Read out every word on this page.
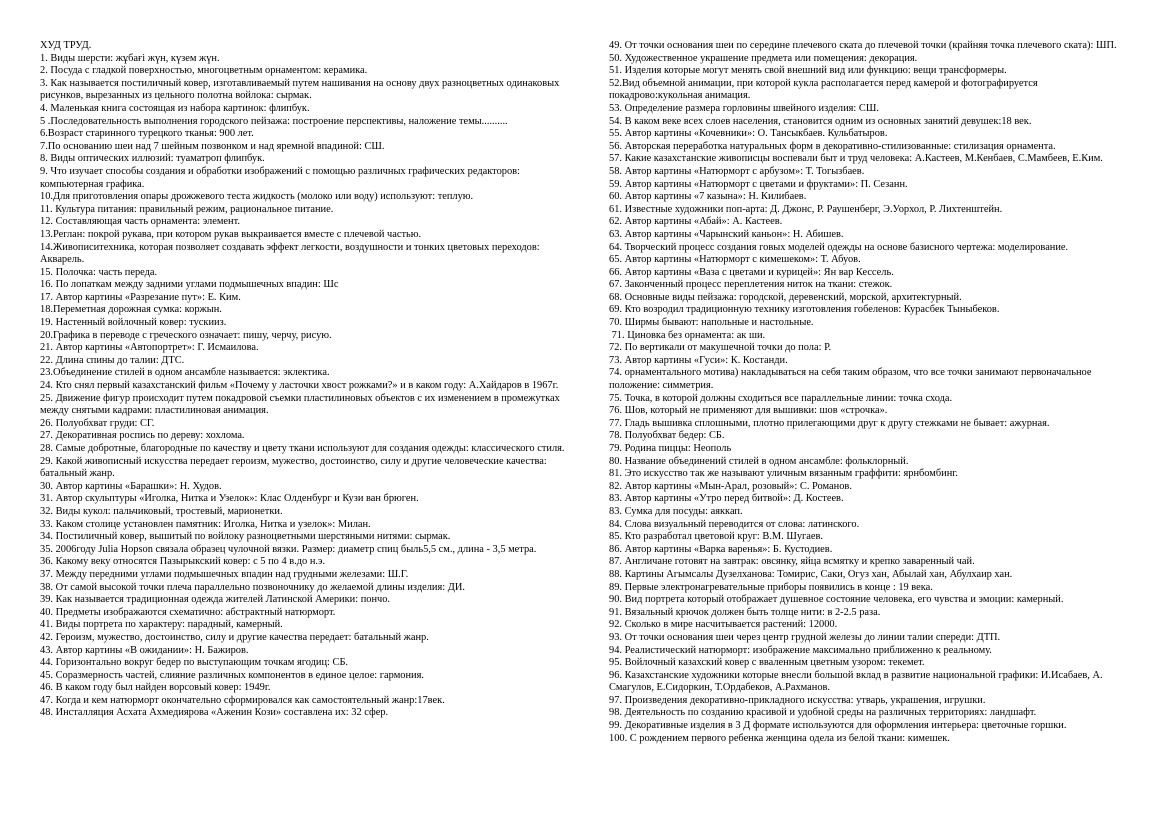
ХУД ТРУД.
1. Виды шерсти: жұбағі жүн, күзем жүн.
2. Посуда с гладкой поверхностью, многоцветным орнаментом: керамика.
3. Как называется постиличный ковер, изготавливаемый путем нашивания на основу двух разноцветных одинаковых рисунков, вырезанных из цельного полотна войлока: сырмак.
4. Маленькая книга состоящая из набора картинок: флипбук.
5 .Последовательность выполнения городского пейзажа: построение перспективы, наложение темы..........
6.Возраст старинного турецкого тканья: 900 лет.
7.По основанию шеи над 7 шейным позвонком и над яремной впадиной: СШ.
8. Виды оптических иллюзий: туаматроп флипбук.
9. Что изучает способы создания и обработки изображений с помощью различных графических редакторов: компьютерная графика.
10.Для приготовления опары дрожжевого теста жидкость (молоко или воду) используют: теплую.
11. Культура питания: правильный режим, рациональное питание.
12. Составляющая часть орнамента: элемент.
13.Реглан: покрой рукава, при котором рукав выкраивается вместе с плечевой частью.
14.Живописитехника, которая позволяет создавать эффект легкости, воздушности и тонких цветовых переходов: Акварель.
15. Полочка: часть переда.
16. По лопаткам между задними углами подмышечных впадин: Шс
17. Автор картины «Разрезание пут»: Е. Ким.
18.Переметная дорожная сумка: коржын.
19. Настенный войлочный ковер: тускииз.
20.Графика в переводе с греческого означает: пишу, черчу, рисую.
21. Автор картины «Автопортрет»: Г. Исмаилова.
22. Длина спины до талии: ДТС.
23.Объединение стилей в одном ансамбле называется: эклектика.
24. Кто снял первый казахстанский фильм «Почему у ласточки хвост рожками?» и в каком году: А.Хайдаров в 1967г.
25. Движение фигур происходит путем покадровой съемки пластилиновых объектов с их изменением в промежутках между снятыми кадрами: пластилиновая анимация.
26. Полуобхват груди: СГ.
27. Декоративная роспись по дереву: хохлома.
28. Самые добротные, благородные по качеству и цвету ткани используют для создания одежды: классического стиля.
29. Какой живописный искусства передает героизм, мужество, достоинство, силу и другие человеческие качества: батальный жанр.
30. Автор картины «Барашки»: Н. Худов.
31. Автор скульптуры «Иголка, Нитка и Узелок»: Клас Олденбург и Кузи ван брюген.
32. Виды кукол: пальчиковый, тростевый, марионетки.
33. Каком столице установлен памятник: Иголка, Нитка и узелок»: Милан.
34. Постиличный ковер, вышитый по войлоку разноцветными шерстяными нитями: сырмак.
35. 2006году Julia Hopson связала образец чулочной вязки. Размер: диаметр спиц быль5,5 см., длина - 3,5 метра.
36. Какому веку относятся Пазырыкский ковер: с 5 по 4 в.до н.э.
37. Между передними углами подмышечных впадин над грудными железами: Ш.Г.
38. От самой высокой точки плеча параллельно позвоночнику до желаемой длины изделия: ДИ.
39. Как называется традиционная одежда жителей Латинской Америки: пончо.
40. Предметы изображаются схематично: абстрактный натюрморт.
41. Виды портрета по характеру: парадный, камерный.
42. Героизм, мужество, достоинство, силу и другие качества передает: батальный жанр.
43. Автор картины «В ожидании»: Н. Бажиров.
44. Горизонтально вокруг бедер по выступающим точкам ягодиц: СБ.
45. Соразмерность частей, слияние различных компонентов в единое целое: гармония.
46. В каком году был найден ворсовый ковер: 1949г.
47. Когда и кем натюрморт окончательно сформировался как самостоятельный жанр:17век.
48. Инсталляция Асхата Ахмедиярова «Аженин Кози» составлена их: 32 сфер.
49. От точки основания шеи по середине плечевого ската до плечевой точки (крайняя точка плечевого ската): ШП.
50. Художественное украшение предмета или помещения: декорация.
51. Изделия которые могут менять свой внешний вид или функцию: вещи трансформеры.
52.Вид объемной анимации, при которой кукла располагается перед камерой и фотографируется покадрово:кукольная анимация.
53. Определение размера горловины швейного изделия: СШ.
54. В каком веке всех слоев населения, становится одним из основных занятий девушек:18 век.
55. Автор картины «Кочевники»: О. Тансыкбаев. Кульбатыров.
56. Авторская переработка натуральных форм в декоративно-стилизованные: стилизация орнамента.
57. Какие казахстанские живописцы воспевали быт и труд человека: А.Кастеев, М.Кенбаев, С.Мамбеев, Е.Ким.
58. Автор картины «Натюрморт с арбузом»: Т. Тогызбаев.
59. Автор картины «Натюрморт с цветами и фруктами»: П. Сезанн.
60. Автор картины «7 казына»: Н. Килибаев.
61. Известные художники поп-арта: Д. Джонс, Р. Раушенберг, Э.Уорхол, Р. Лихтенштейн.
62. Автор картины «Абай»: А. Кастеев.
63. Автор картины «Чарынский каньон»: Н. Абишев.
64. Творческий процесс создания говых моделей одежды на основе базисного чертежа: моделирование.
65. Автор картины «Натюрморт с кимешеком»: Т. Абуов.
66. Автор картины «Ваза с цветами и курицей»: Ян вар Кессель.
67. Законченный процесс переплетения ниток на ткани: стежок.
68. Основные виды пейзажа: городской, деревенский, морской, архитектурный.
69. Кто возродил традиционную технику изготовления гобеленов: Курасбек Тыныбеков.
70. Ширмы бывают: напольные и настольные.
71. Циновка без орнамента: ак ши.
72. По вертикали от макушечной точки до пола: Р.
73. Автор картины «Гуси»: К. Костанди.
74. орнаментального мотива) накладываться на себя таким образом, что все точки занимают первоначальное положение: симметрия.
75. Точка, в которой должны сходиться все параллельные линии: точка схода.
76. Шов, который не применяют для вышивки: шов «строчка».
77. Гладь вышивка сплошными, плотно прилегающими друг к другу стежками не бывает: ажурная.
78. Полуобхват бедер: СБ.
79. Родина пиццы: Неополь
80. Название объединений стилей в одном ансамбле: фольклорный.
81. Это искусство так же называют уличным вязанным граффити: ярнбомбинг.
82. Автор картины «Мын-Арал, розовый»: С. Романов.
83. Автор картины «Утро перед битвой»: Д. Костеев.
83. Сумка для посуды: аяккап.
84. Слова визуальный переводится от слова: латинского.
85. Кто разработал цветовой круг: В.М. Шугаев.
86. Автор картины «Варка варенья»: Б. Кустодиев.
87. Англичане готовят на завтрак: овсянку, яйца всмятку и крепко заваренный чай.
88. Картины Агымсалы Дузелханова: Томирис, Саки, Огуз хан, Абылай хан, Абулхаир хан.
89. Первые электронагревательные приборы появились в конце : 19 века.
90. Вид портрета который отображает душевное состояние человека, его чувства и эмоции: камерный.
91. Вязальный крючок должен быть толще нити: в 2-2.5 раза.
92. Сколько в мире насчитывается растений: 12000.
93. От точки основания шеи через центр грудной железы до линии талии спереди: ДТП.
94. Реалистический натюрморт: изображение максимально приближенно к реальному.
95. Войлочный казахский ковер с вваленным цветным узором: текемет.
96. Казахстанские художники которые внесли большой вклад в развитие национальной графики: И.Исабаев, А. Смагулов, Е.Сидоркин, Т.Ордабеков, А.Рахманов.
97. Произведения декоративно-прикладного искусства: утварь, украшения, игрушки.
98. Деятельность по созданию красивой и удобной среды на различных территориях: ландшафт.
99. Декоративные изделия в 3 Д формате используются для оформления интерьера: цветочные горшки.
100. С рождением первого ребенка женщина одела из белой ткани: кимешек.
